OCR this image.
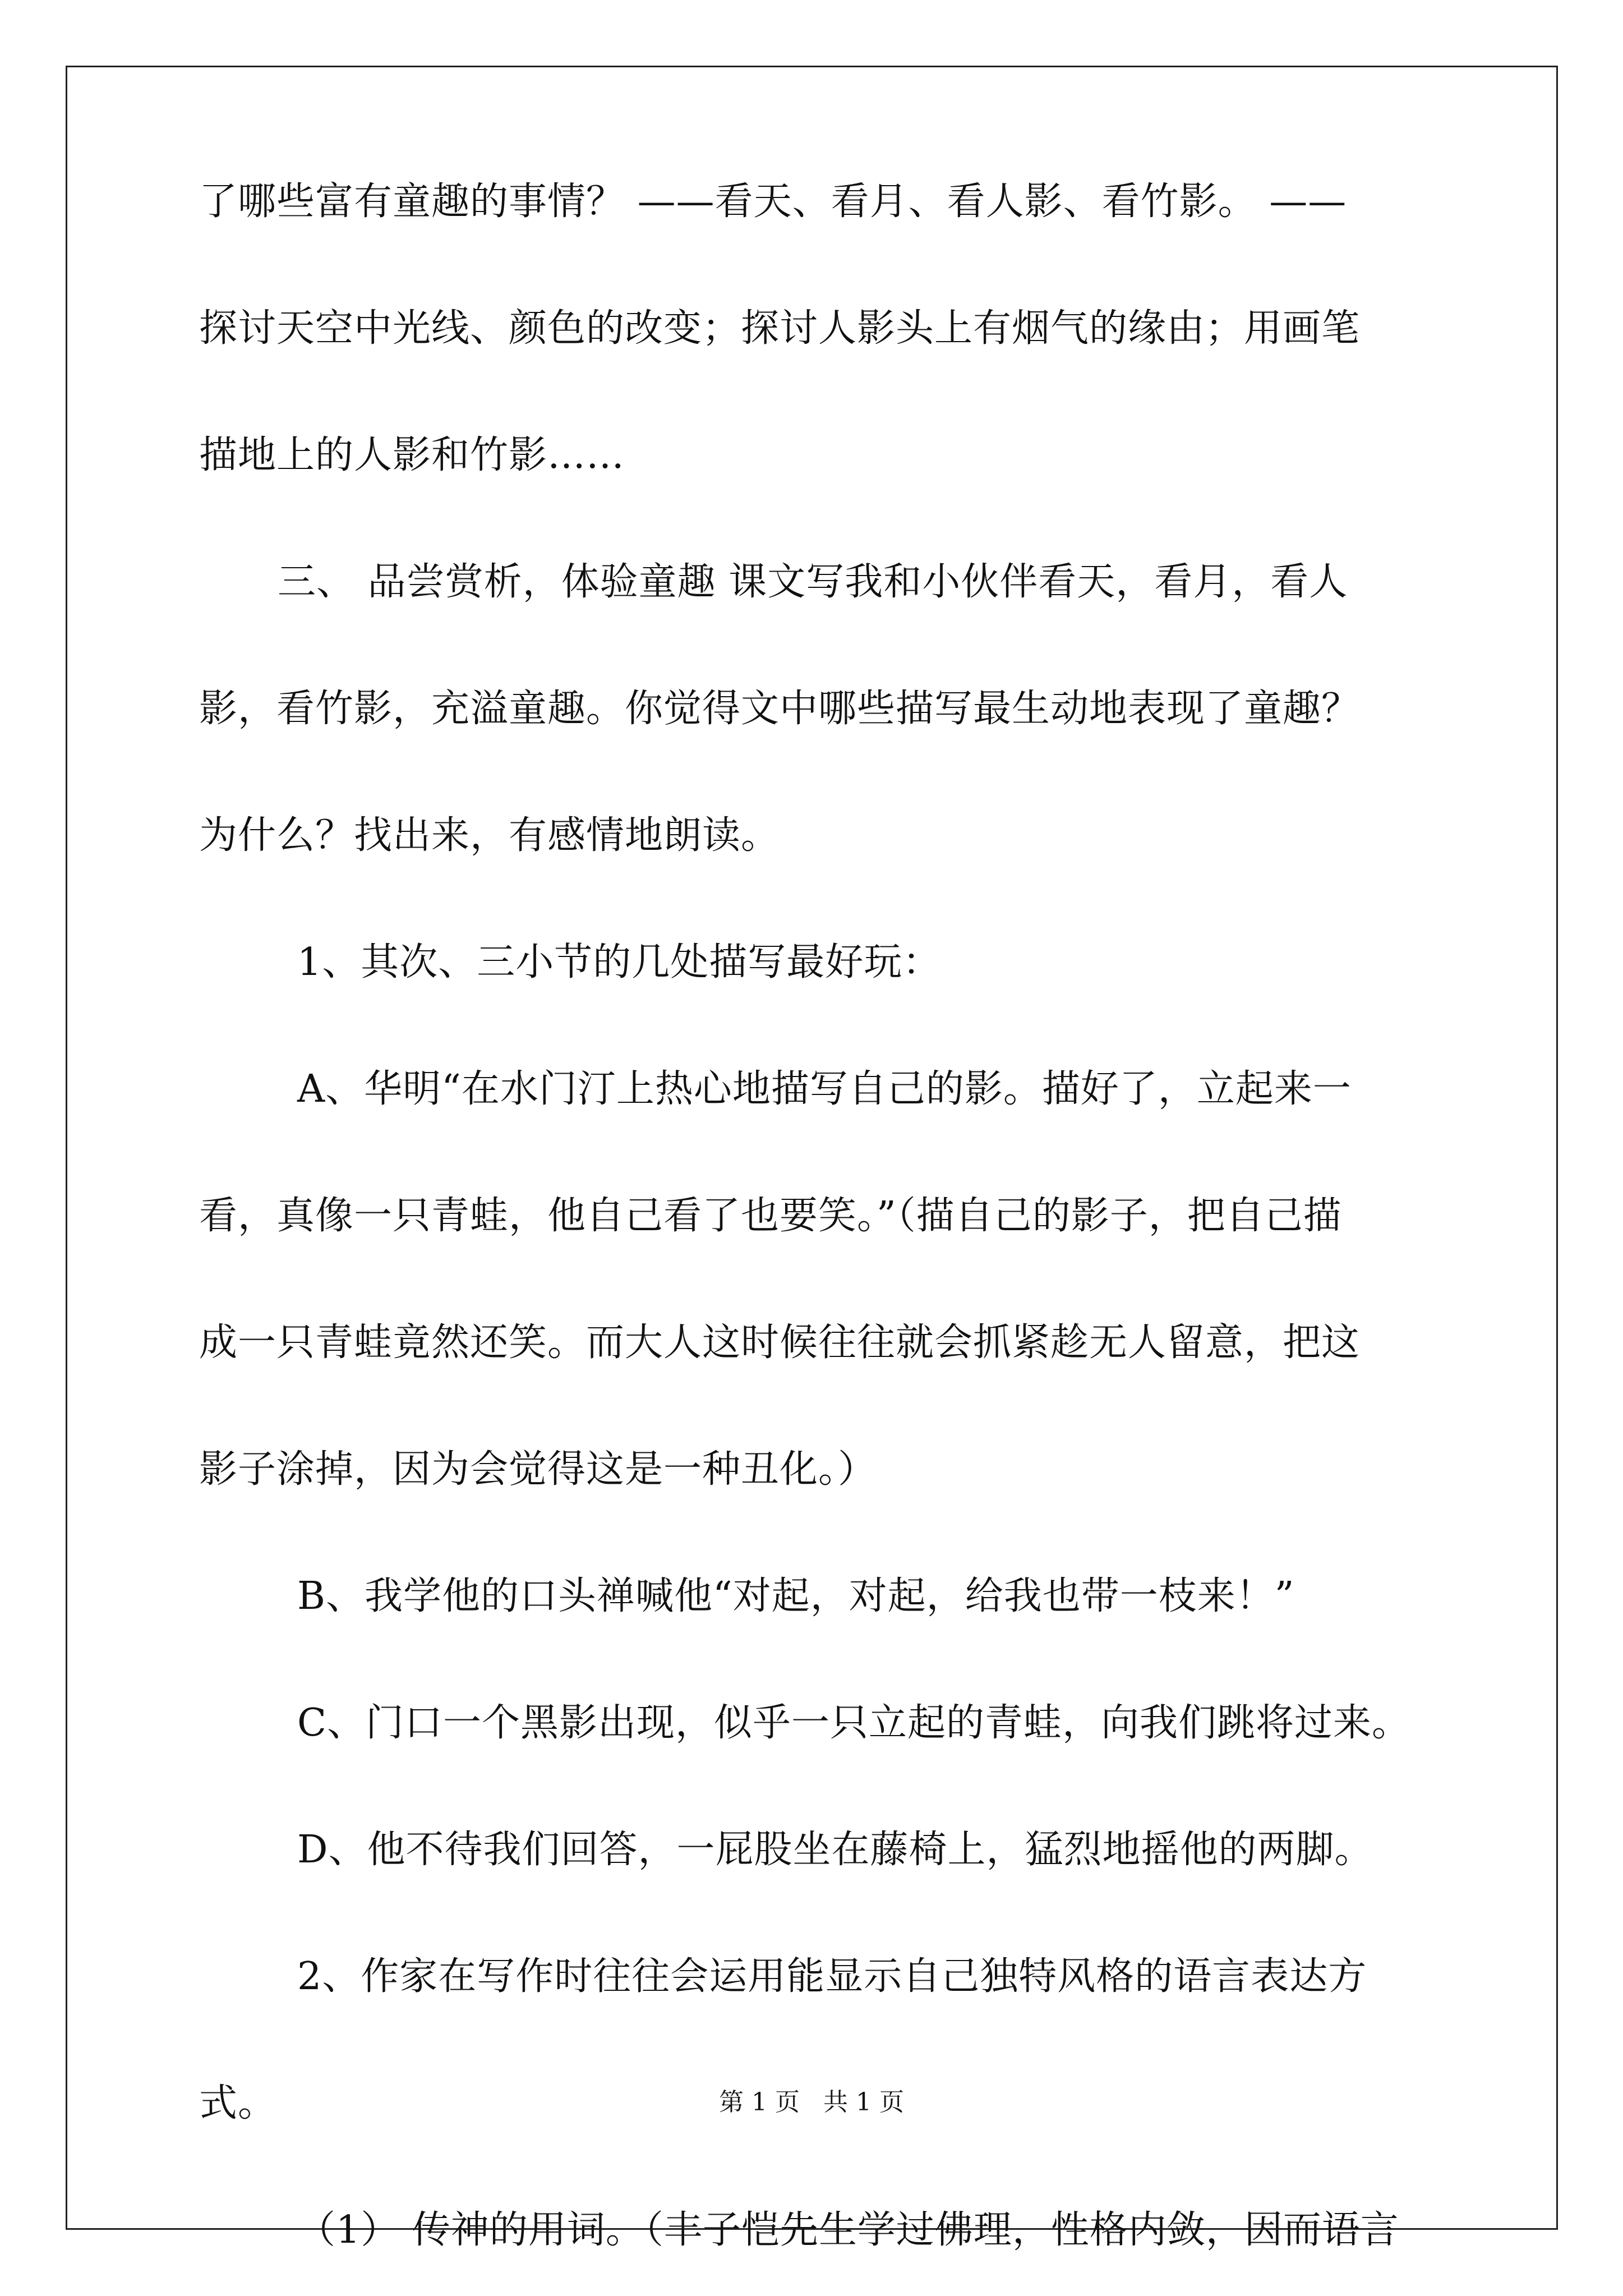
了哪些富有童趣的事情？ ——看天、看月、看人影、看竹影。 ——
探讨天空中光线、颜色的改变；探讨人影头上有烟气的缘由；用画笔
描地上的人影和竹影……
三、 品尝赏析，体验童趣 课文写我和小伙伴看天，看月，看人
影，看竹影，充溢童趣。你觉得文中哪些描写最生动地表现了童趣？
为什么？找出来，有感情地朗读。
1、其次、三小节的几处描写最好玩：
A、华明“在水门汀上热心地描写自己的影。描好了，立起来一
看，真像一只青蛙，他自己看了也要笑。”（描自己的影子，把自己描
成一只青蛙竟然还笑。而大人这时候往往就会抓紧趁无人留意，把这
影子涂掉，因为会觉得这是一种丑化。）
B、我学他的口头禅喊他“对起，对起，给我也带一枝来！”
C、门口一个黑影出现，似乎一只立起的青蛙，向我们跳将过来。
D、他不待我们回答，一屁股坐在藤椅上，猛烈地摇他的两脚。
2、作家在写作时往往会运用能显示自己独特风格的语言表达方
式。
（1） 传神的用词。（丰子恺先生学过佛理，性格内敛，因而语言
第 1 页   共 1 页
